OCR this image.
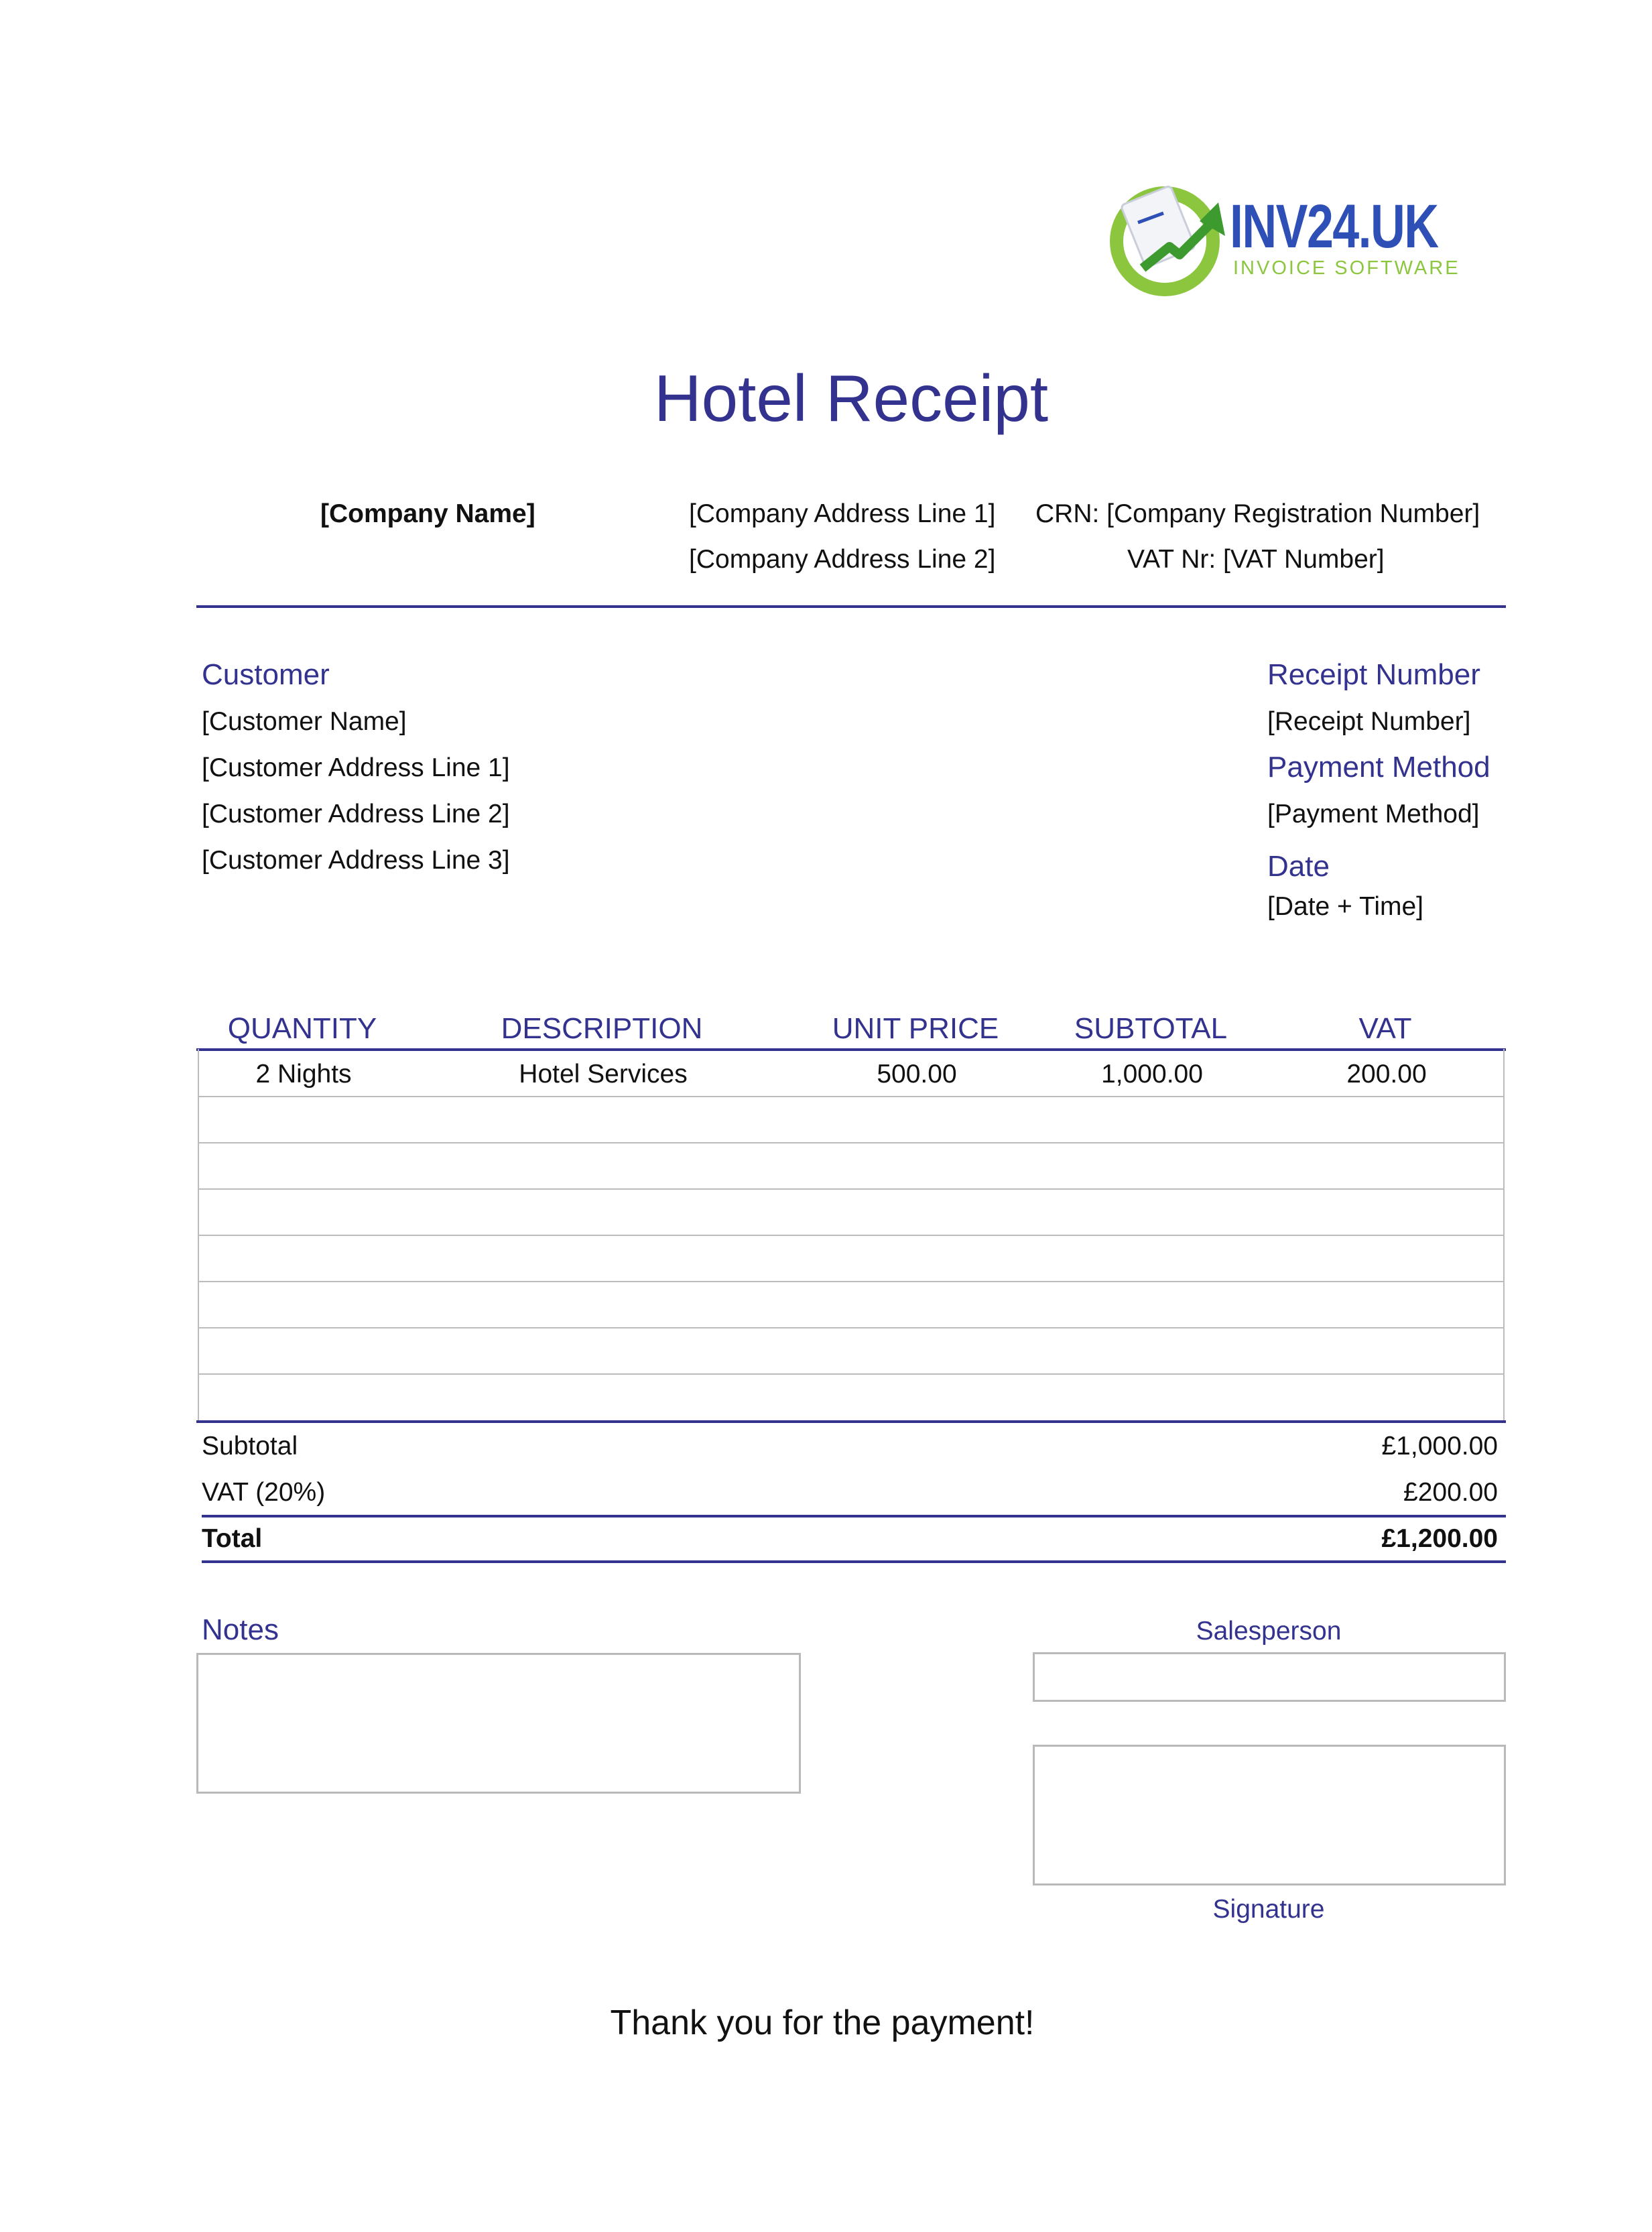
INV24.UK
INVOICE SOFTWARE
Hotel Receipt
[Company Name]	[Company Address Line 1]
[Company Address Line 2]
CRN: [Company Registration Number]
VAT Nr: [VAT Number]
Customer
[Customer Name]
[Customer Address Line 1]
[Customer Address Line 2]
[Customer Address Line 3]
Receipt Number
[Receipt Number]
Payment Method
[Payment Method]
Date
[Date + Time]
QUANTITY	DESCRIPTION	UNIT PRICE	SUBTOTAL	VAT
2 Nights	Hotel Services	500.00	1,000.00	200.00
Subtotal	£1,000.00
VAT (20%)	£200.00
Total	£1,200.00
Notes	Salesperson
Signature
Thank you for the payment!
